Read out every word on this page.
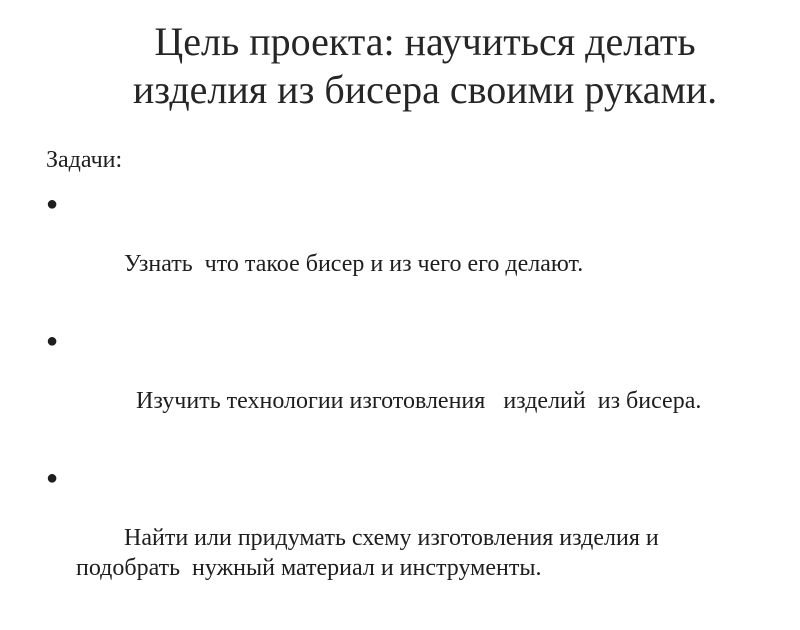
Цель проекта: научиться делать
изделия из бисера своими руками.

Задачи:

●

Узнать  что такое бисер и из чего его делают.

●

Изучить технологии изготовления   изделий  из бисера.

●

Найти или придумать схему изготовления изделия и подобрать  нужный материал и инструменты.
